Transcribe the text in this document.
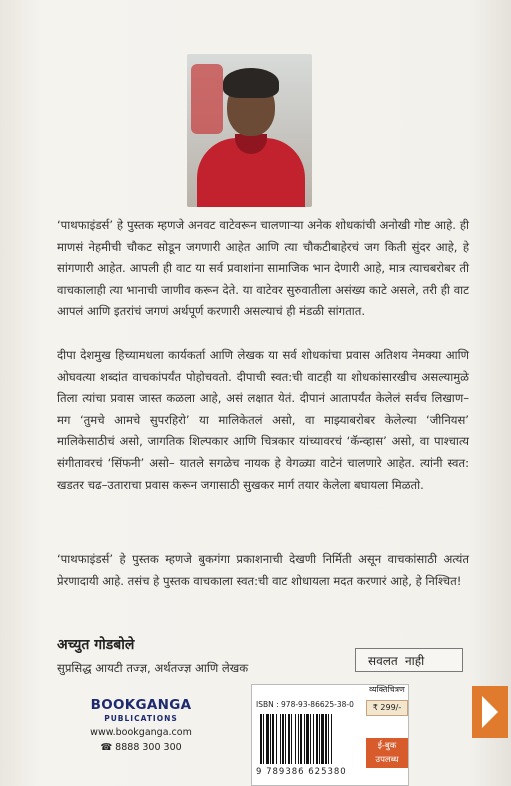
‘पाथफाइंडर्स’ हे पुस्तक म्हणजे अनवट वाटेवरून चालणाऱ्या अनेक शोधकांची अनोखी गोष्ट आहे. ही माणसं नेहमीची चौकट सोडून जगणारी आहेत आणि त्या चौकटीबाहेरचं जग किती सुंदर आहे, हे सांगणारी आहेत. आपली ही वाट या सर्व प्रवाशांना सामाजिक भान देणारी आहे, मात्र त्याचबरोबर ती वाचकालाही त्या भानाची जाणीव करून देते. या वाटेवर सुरुवातीला असंख्य काटे असले, तरी ही वाट आपलं आणि इतरांचं जगणं अर्थपूर्ण करणारी असल्याचं ही मंडळी सांगतात.
दीपा देशमुख हिच्यामधला कार्यकर्ता आणि लेखक या सर्व शोधकांचा प्रवास अतिशय नेमक्या आणि ओघवत्या शब्दांत वाचकांपर्यंत पोहोचवतो. दीपाची स्वत:ची वाटही या शोधकांसारखीच असल्यामुळे तिला त्यांचा प्रवास जास्त कळला आहे, असं लक्षात येतं. दीपानं आतापर्यंत केलेलं सर्वच लिखाण– मग ‘तुमचे आमचे सुपरहिरो’ या मालिकेतलं असो, वा माझ्याबरोबर केलेल्या ‘जीनियस’ मालिकेसाठीचं असो, जागतिक शिल्पकार आणि चित्रकार यांच्यावरचं ‘कॅन्व्हास’ असो, वा पाश्चात्य संगीतावरचं ‘सिंफनी’ असो– यातले सगळेच नायक हे वेगळ्या वाटेनं चालणारे आहेत. त्यांनी स्वत: खडतर चढ–उताराचा प्रवास करून जगासाठी सुखकर मार्ग तयार केलेला बघायला मिळतो.
‘पाथफाइंडर्स’ हे पुस्तक म्हणजे बुकगंगा प्रकाशनाची देखणी निर्मिती असून वाचकांसाठी अत्यंत प्रेरणादायी आहे. तसंच हे पुस्तक वाचकाला स्वत:ची वाट शोधायला मदत करणारं आहे, हे निश्चित!
अच्युत गोडबोले
सुप्रसिद्ध आयटी तज्ज्ञ, अर्थतज्ज्ञ आणि लेखक	सवलत नाही
BOOKGANGA
PUBLICATIONS
www.bookganga.com
☎ 8888 300 300
ISBN : 978-93-86625-38-0
9 789386 625380
व्यक्तिचित्रण
₹ 299/-
ई-बुक उपलब्ध
